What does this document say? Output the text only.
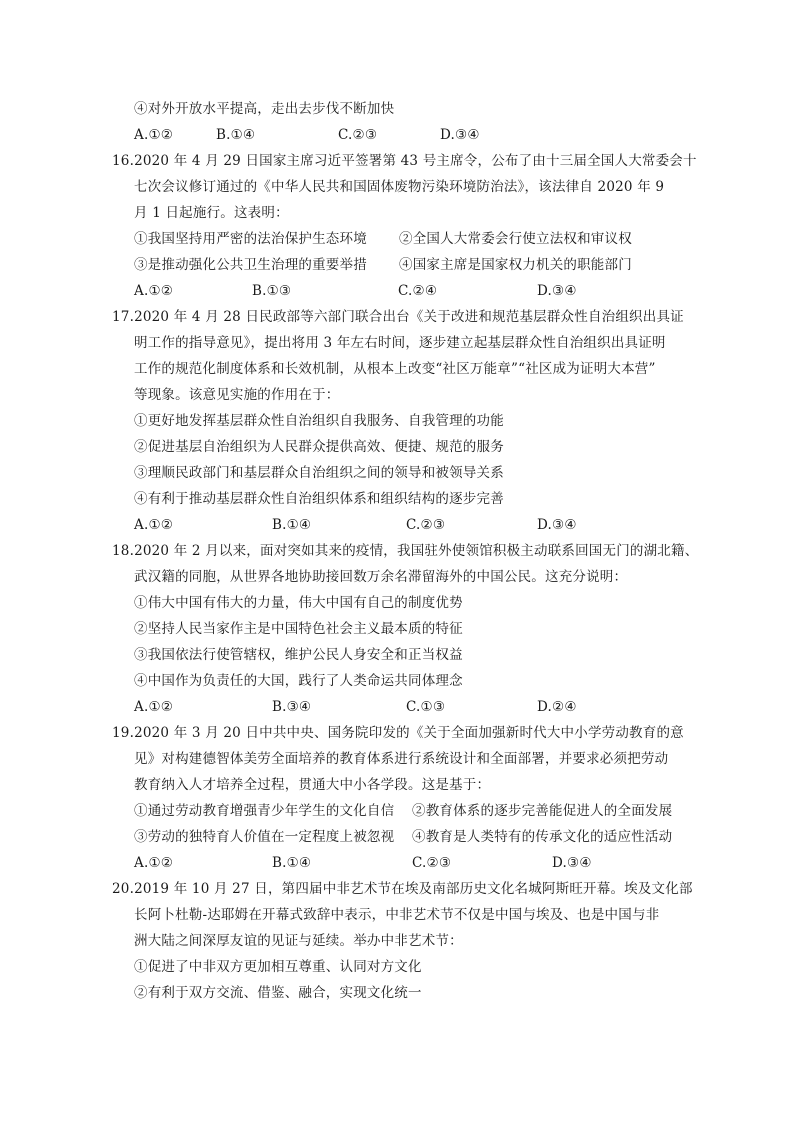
④对外开放水平提高，走出去步伐不断加快
A.①②	B.①④	C.②③	D.③④
16.2020 年 4 月 29 日国家主席习近平签署第 43 号主席令，公布了由十三届全国人大常委会十
七次会议修订通过的《中华人民共和国固体废物污染环境防治法》，该法律自 2020 年 9
月 1 日起施行。这表明：
①我国坚持用严密的法治保护生态环境 ②全国人大常委会行使立法权和审议权
③是推动强化公共卫生治理的重要举措 ④国家主席是国家权力机关的职能部门
A.①②	B.①③	C.②④	D.③④
17.2020 年 4 月 28 日民政部等六部门联合出台《关于改进和规范基层群众性自治组织出具证
明工作的指导意见》，提出将用 3 年左右时间，逐步建立起基层群众性自治组织出具证明
工作的规范化制度体系和长效机制，从根本上改变“社区万能章”“社区成为证明大本营”
等现象。该意见实施的作用在于：
①更好地发挥基层群众性自治组织自我服务、自我管理的功能
②促进基层自治组织为人民群众提供高效、便捷、规范的服务
③理顺民政部门和基层群众自治组织之间的领导和被领导关系
④有利于推动基层群众性自治组织体系和组织结构的逐步完善
A.①②	B.①④	C.②③	D.③④
18.2020 年 2 月以来，面对突如其来的疫情，我国驻外使领馆积极主动联系回国无门的湖北籍、
武汉籍的同胞，从世界各地协助接回数万余名滞留海外的中国公民。这充分说明：
①伟大中国有伟大的力量，伟大中国有自己的制度优势
②坚持人民当家作主是中国特色社会主义最本质的特征
③我国依法行使管辖权，维护公民人身安全和正当权益
④中国作为负责任的大国，践行了人类命运共同体理念
A.①②	B.③④	C.①③	D.②④
19.2020 年 3 月 20 日中共中央、国务院印发的《关于全面加强新时代大中小学劳动教育的意
见》对构建德智体美劳全面培养的教育体系进行系统设计和全面部署，并要求必须把劳动
教育纳入人才培养全过程，贯通大中小各学段。这是基于：
①通过劳动教育增强青少年学生的文化自信 ②教育体系的逐步完善能促进人的全面发展
③劳动的独特育人价值在一定程度上被忽视 ④教育是人类特有的传承文化的适应性活动
A.①②	B.①④	C.②③	D.③④
20.2019 年 10 月 27 日，第四届中非艺术节在埃及南部历史文化名城阿斯旺开幕。埃及文化部
长阿卜杜勒-达耶姆在开幕式致辞中表示，中非艺术节不仅是中国与埃及、也是中国与非
洲大陆之间深厚友谊的见证与延续。举办中非艺术节：
①促进了中非双方更加相互尊重、认同对方文化
②有利于双方交流、借鉴、融合，实现文化统一
